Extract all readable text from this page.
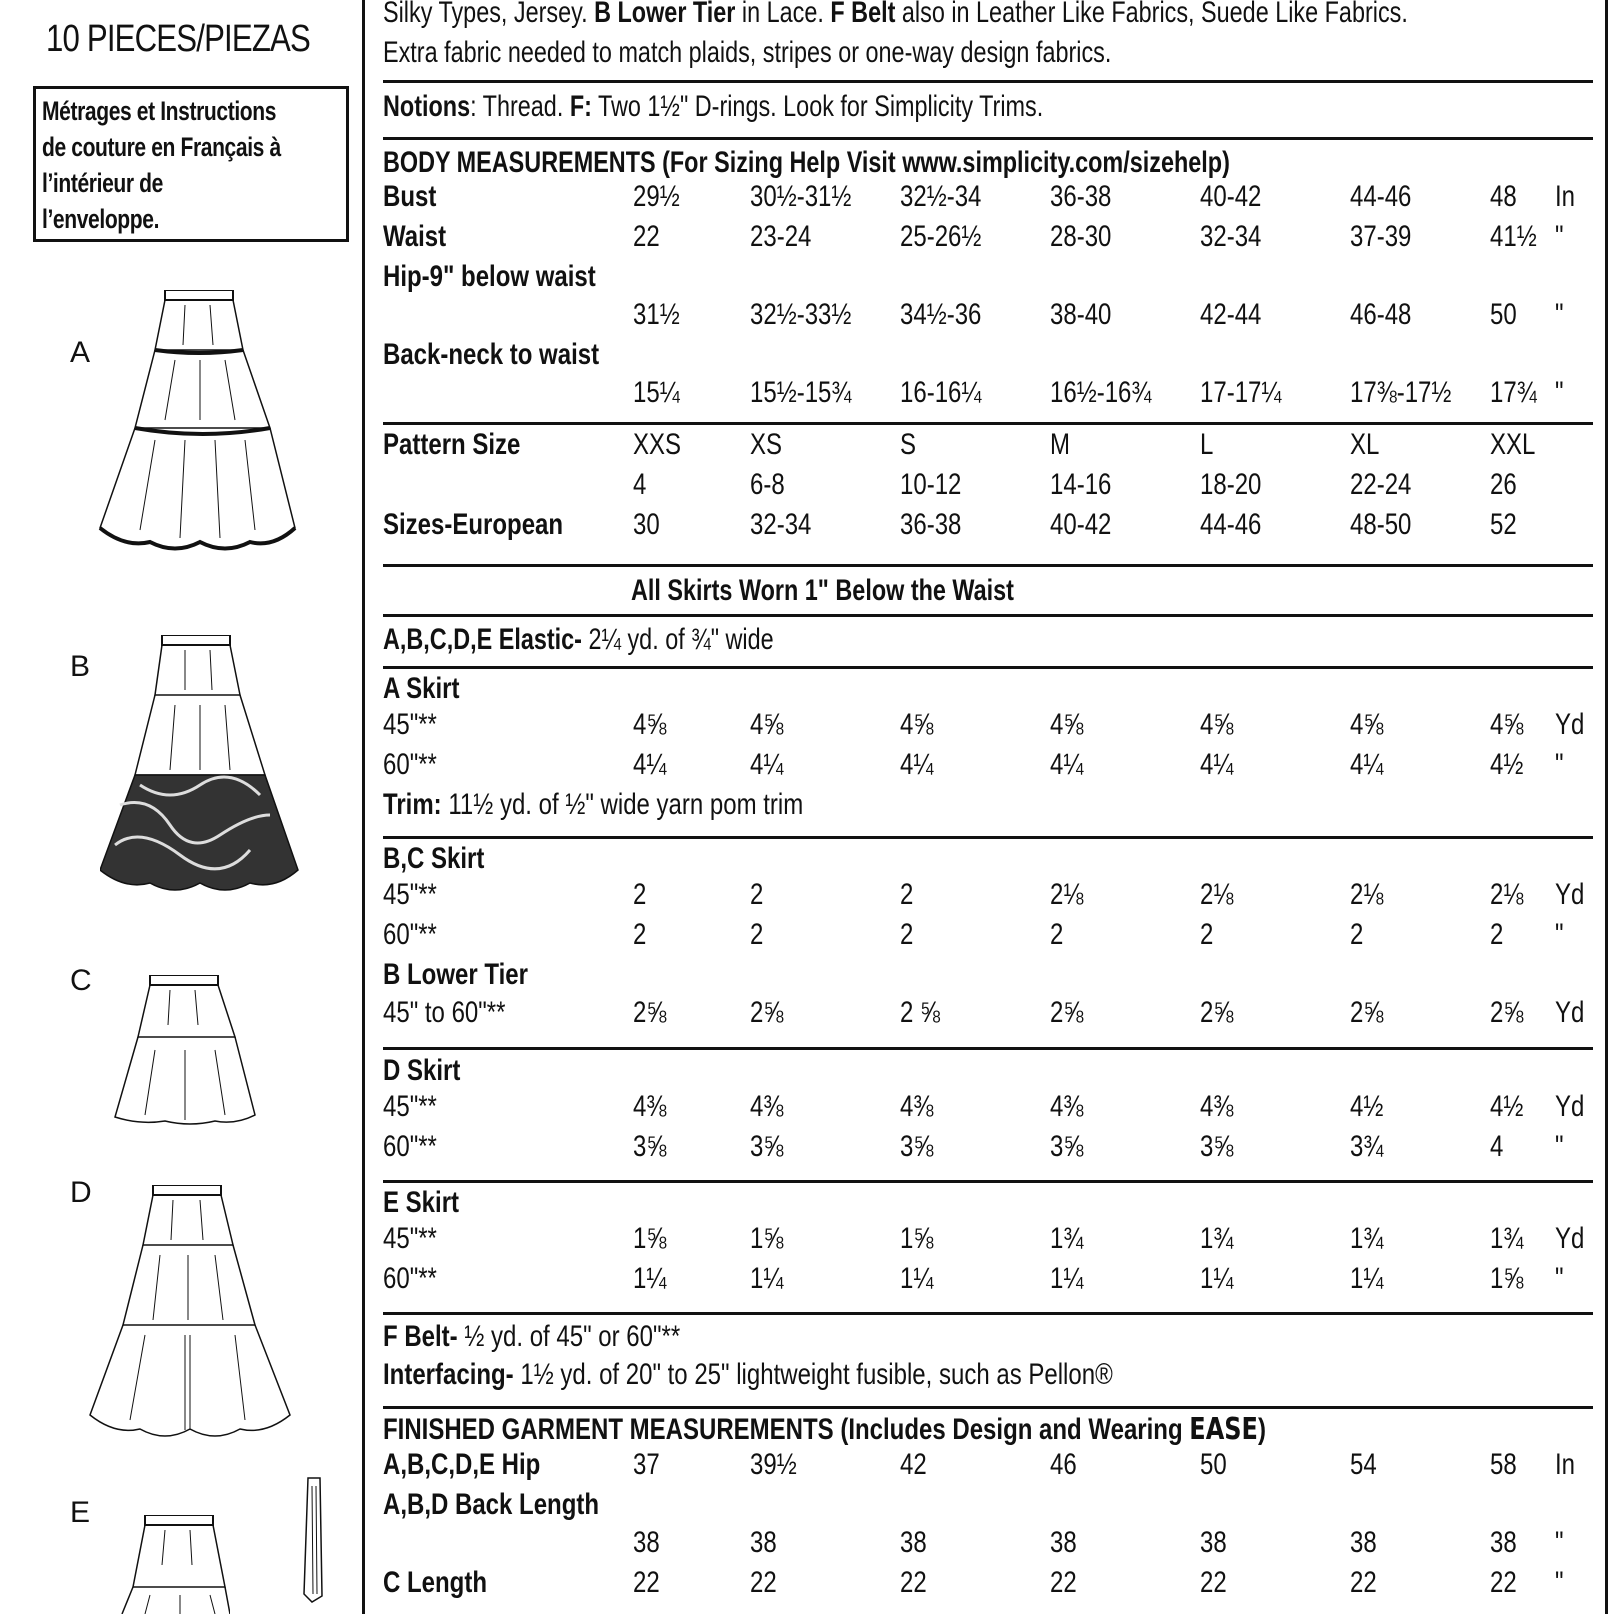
10 PIECES/PIEZAS
Métrages et Instructions
de couture en Français à
l’intérieur de
l’enveloppe.
A
B
C
D
E
Silky Types, Jersey. B Lower Tier in Lace. F Belt also in Leather Like Fabrics, Suede Like Fabrics.
Extra fabric needed to match plaids, stripes or one-way design fabrics.
Notions: Thread. F: Two 1½" D-rings. Look for Simplicity Trims.
BODY MEASUREMENTS (For Sizing Help Visit www.simplicity.com/sizehelp)
Bust	29½ 30½-31½ 32½-34 36-38	40-42	44-46	48 In
Waist	22	23-24	25-26½ 28-30	32-34	37-39	41½ "
Hip-9" below waist
31½ 32½-33½ 34½-36 38-40	42-44	46-48	50 "
Back-neck to waist
15¼ 15½-15¾ 16-16¼ 16½-16¾ 17-17¼ 17⅜-17½ 17¾ "
Pattern Size	XXS XS	S	M	L	XL	XXL
4	6-8	10-12	14-16	18-20	22-24	26
Sizes-European 30	32-34	36-38	40-42	44-46	48-50	52
All Skirts Worn 1" Below the Waist
A,B,C,D,E Elastic- 2¼ yd. of ¾" wide
A Skirt
45"**	4⅝	4⅝	4⅝	4⅝	4⅝	4⅝	4⅝ Yd
60"**	4¼	4¼	4¼	4¼	4¼	4¼	4½ "
Trim: 11½ yd. of ½" wide yarn pom trim
B,C Skirt
45"**	2	2	2	2⅛	2⅛	2⅛	2⅛ Yd
60"**	2	2	2	2	2	2	2 "
B Lower Tier
45" to 60"**	2⅝	2⅝	2 ⅝	2⅝	2⅝	2⅝	2⅝ Yd
D Skirt
45"**	4⅜	4⅜	4⅜	4⅜	4⅜	4½	4½ Yd
60"**	3⅝	3⅝	3⅝	3⅝	3⅝	3¾	4 "
E Skirt
45"**	1⅝	1⅝	1⅝	1¾	1¾	1¾	1¾ Yd
60"**	1¼	1¼	1¼	1¼	1¼	1¼	1⅝ "
F Belt- ½ yd. of 45" or 60"**
Interfacing- 1½ yd. of 20" to 25" lightweight fusible, such as Pellon®
FINISHED GARMENT MEASUREMENTS (Includes Design and Wearing EASE)
A,B,C,D,E Hip	37	39½	42	46	50	54	58 In
A,B,D Back Length
38	38	38	38	38	38	38 "
C Length	22	22	22	22	22	22	22 "
